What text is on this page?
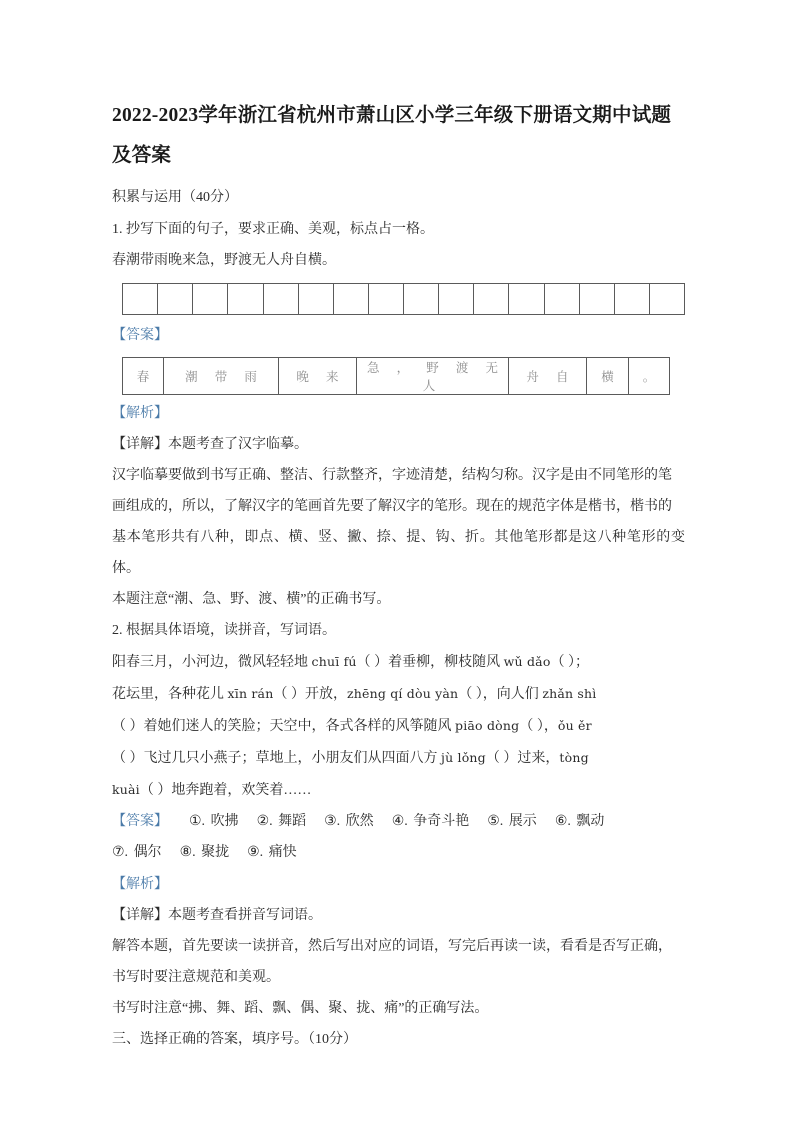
2022-2023学年浙江省杭州市萧山区小学三年级下册语文期中试题及答案

积累与运用（40分）

1. 抄写下面的句子，要求正确、美观，标点占一格。

春潮带雨晚来急，野渡无人舟自横。

【答案】

春	潮 带 雨	晚 来	急 ， 野 渡 无 人	舟 自	横	。

【解析】

【详解】本题考查了汉字临摹。

汉字临摹要做到书写正确、整洁、行款整齐，字迹清楚，结构匀称。汉字是由不同笔形的笔

画组成的，所以，了解汉字的笔画首先要了解汉字的笔形。现在的规范字体是楷书，楷书的

基本笔形共有八种，即点、横、竖、撇、捺、提、钩、折。其他笔形都是这八种笔形的变体。

本题注意“潮、急、野、渡、横”的正确书写。

2. 根据具体语境，读拼音，写词语。

阳春三月，小河边，微风轻轻地 chuī fú（ ）着垂柳，柳枝随风 wǔ dǎo（ ）；

花坛里，各种花儿 xīn rán（ ）开放，zhēng qí dòu yàn（ ），向人们 zhǎn shì

（ ）着她们迷人的笑脸；天空中，各式各样的风筝随风 piāo dòng（ ），ǒu ěr

（ ）飞过几只小燕子；草地上，小朋友们从四面八方 jù lǒng（ ）过来，tòng

kuài（ ）地奔跑着，欢笑着……

【答案】 ①. 吹拂 ②. 舞蹈 ③. 欣然 ④. 争奇斗艳 ⑤. 展示 ⑥. 飘动⑦. 偶尔 ⑧. 聚拢 ⑨. 痛快

【解析】

【详解】本题考查看拼音写词语。

解答本题，首先要读一读拼音，然后写出对应的词语，写完后再读一读，看看是否写正确，

书写时要注意规范和美观。

书写时注意“拂、舞、蹈、飘、偶、聚、拢、痛”的正确写法。

三、选择正确的答案，填序号。（10分）
